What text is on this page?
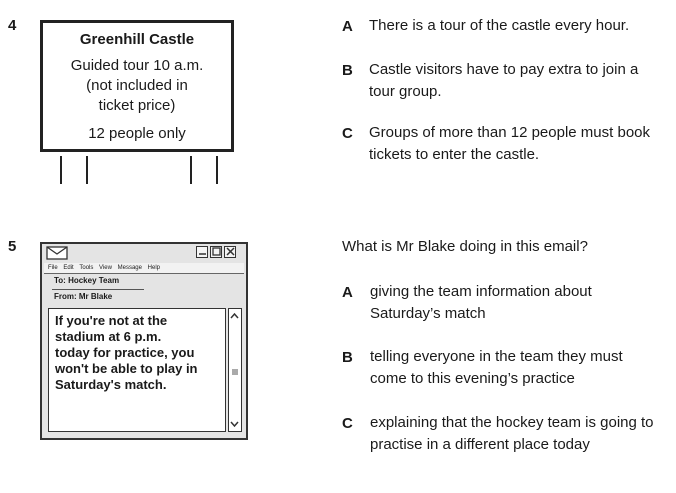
4
Greenhill Castle
Guided tour 10 a.m.
(not included in
ticket price)
12 people only
A There is a tour of the castle every hour.
B Castle visitors have to pay extra to join a
tour group.
C Groups of more than 12 people must book
tickets to enter the castle.
5
File Edit Tools View Message Help
To: Hockey Team
From: Mr Blake
If you're not at the
stadium at 6 p.m.
today for practice, you
won't be able to play in
Saturday's match.
What is Mr Blake doing in this email?
A giving the team information about
Saturday’s match
B telling everyone in the team they must
come to this evening’s practice
C explaining that the hockey team is going to
practise in a different place today
